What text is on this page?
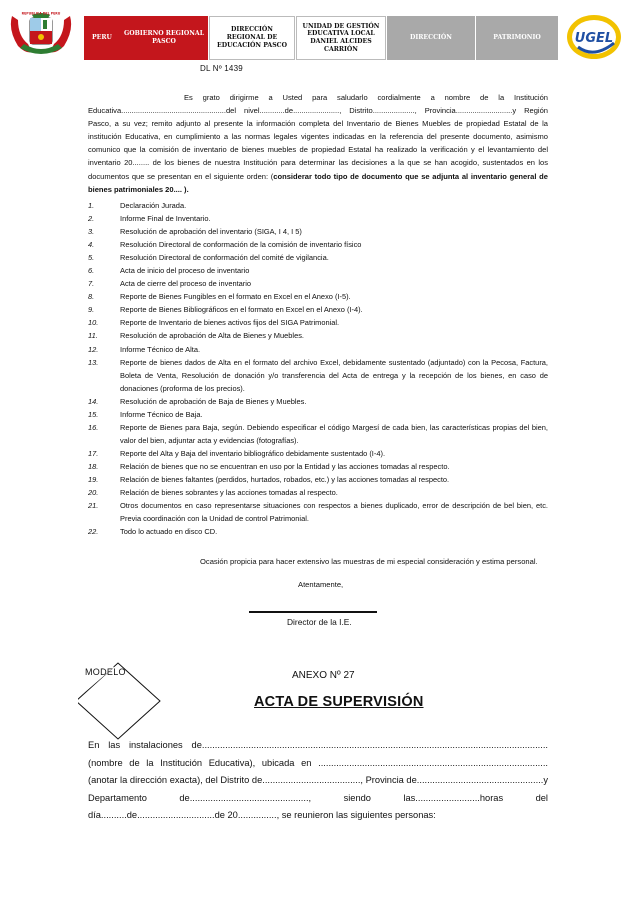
REPUBLICA DEL PERU
PERU
GOBIERNO REGIONAL PASCO
DIRECCIÓN REGIONAL DE EDUCACIÓN PASCO
UNIDAD DE GESTIÓN EDUCATIVA LOCAL DANIEL ALCIDES CARRIÓN
DIRECCIÓN	PATRIMONIO	UGEL
DL Nº 1439

Es grato dirigirme a Usted para saludarlo cordialmente a nombre de la Institución Educativa..................................................del nivel............de......................, Distrito...................., Provincia...........................y Región Pasco, a su vez; remito adjunto al presente la información completa del Inventario de Bienes Muebles de propiedad Estatal de la institución Educativa, en cumplimiento a las normas legales vigentes indicadas en la referencia del presente documento, asimismo comunico que la comisión de inventario de bienes muebles de propiedad Estatal ha realizado la verificación y el levantamiento del inventario 20........ de los bienes de nuestra Institución para determinar las decisiones a la que se han acogido, sustentados en los documentos que se presentan en el siguiente orden: (considerar todo tipo de documento que se adjunta al inventario general de bienes patrimoniales 20.... ).

1.	Declaración Jurada.
2.	Informe Final de Inventario.
3.	Resolución de aprobación del inventario (SIGA, I 4, I 5)
4.	Resolución Directoral de conformación de la comisión de inventario físico
5.	Resolución Directoral de conformación del comité de vigilancia.
6.	Acta de inicio del proceso de inventario
7.	Acta de cierre del proceso de inventario
8.	Reporte de Bienes Fungibles en el formato en Excel en el Anexo (I-5).
9.	Reporte de Bienes Bibliográficos en el formato en Excel en el Anexo (I-4).
10.	Reporte de Inventario de bienes activos fijos del SIGA Patrimonial.
11.	Resolución de aprobación de Alta de Bienes y Muebles.
12.	Informe Técnico de Alta.
13.	Reporte de bienes dados de Alta en el formato del archivo Excel, debidamente sustentado (adjuntado) con la Pecosa, Factura, Boleta de Venta, Resolución de donación y/o transferencia del Acta de entrega y la recepción de los bienes, en caso de donaciones (proforma de los precios).
14.	Resolución de aprobación de Baja de Bienes y Muebles.
15.	Informe Técnico de Baja.
16.	Reporte de Bienes para Baja, según. Debiendo especificar el código Margesí de cada bien, las características propias del bien, valor del bien, adjuntar acta y evidencias (fotografías).
17.	Reporte del Alta y Baja del inventario bibliográfico debidamente sustentado (I-4).
18.	Relación de bienes que no se encuentran en uso por la Entidad y las acciones tomadas al respecto.
19.	Relación de bienes faltantes (perdidos, hurtados, robados, etc.) y las acciones tomadas al respecto.
20.	Relación de bienes sobrantes y las acciones tomadas al respecto.
21.	Otros documentos en caso representarse situaciones con respectos a bienes duplicado, error de descripción de bel bien, etc. Previa coordinación con la Unidad de control Patrimonial.
22.	Todo lo actuado en disco CD.
Ocasión propicia para hacer extensivo las muestras de mi especial consideración y estima personal.
Atentamente,
Director de la I.E.
MODELO	ANEXO Nº 27
ACTA DE SUPERVISIÓN
En las instalaciones de...................................................................................................................................... (nombre de la Institución Educativa), ubicada en ......................................................................................... (anotar la dirección exacta), del Distrito de......................................, Provincia de.................................................y Departamento de.............................................., siendo las.........................horas del día..........de..............................de 20..............., se reunieron las siguientes personas:
